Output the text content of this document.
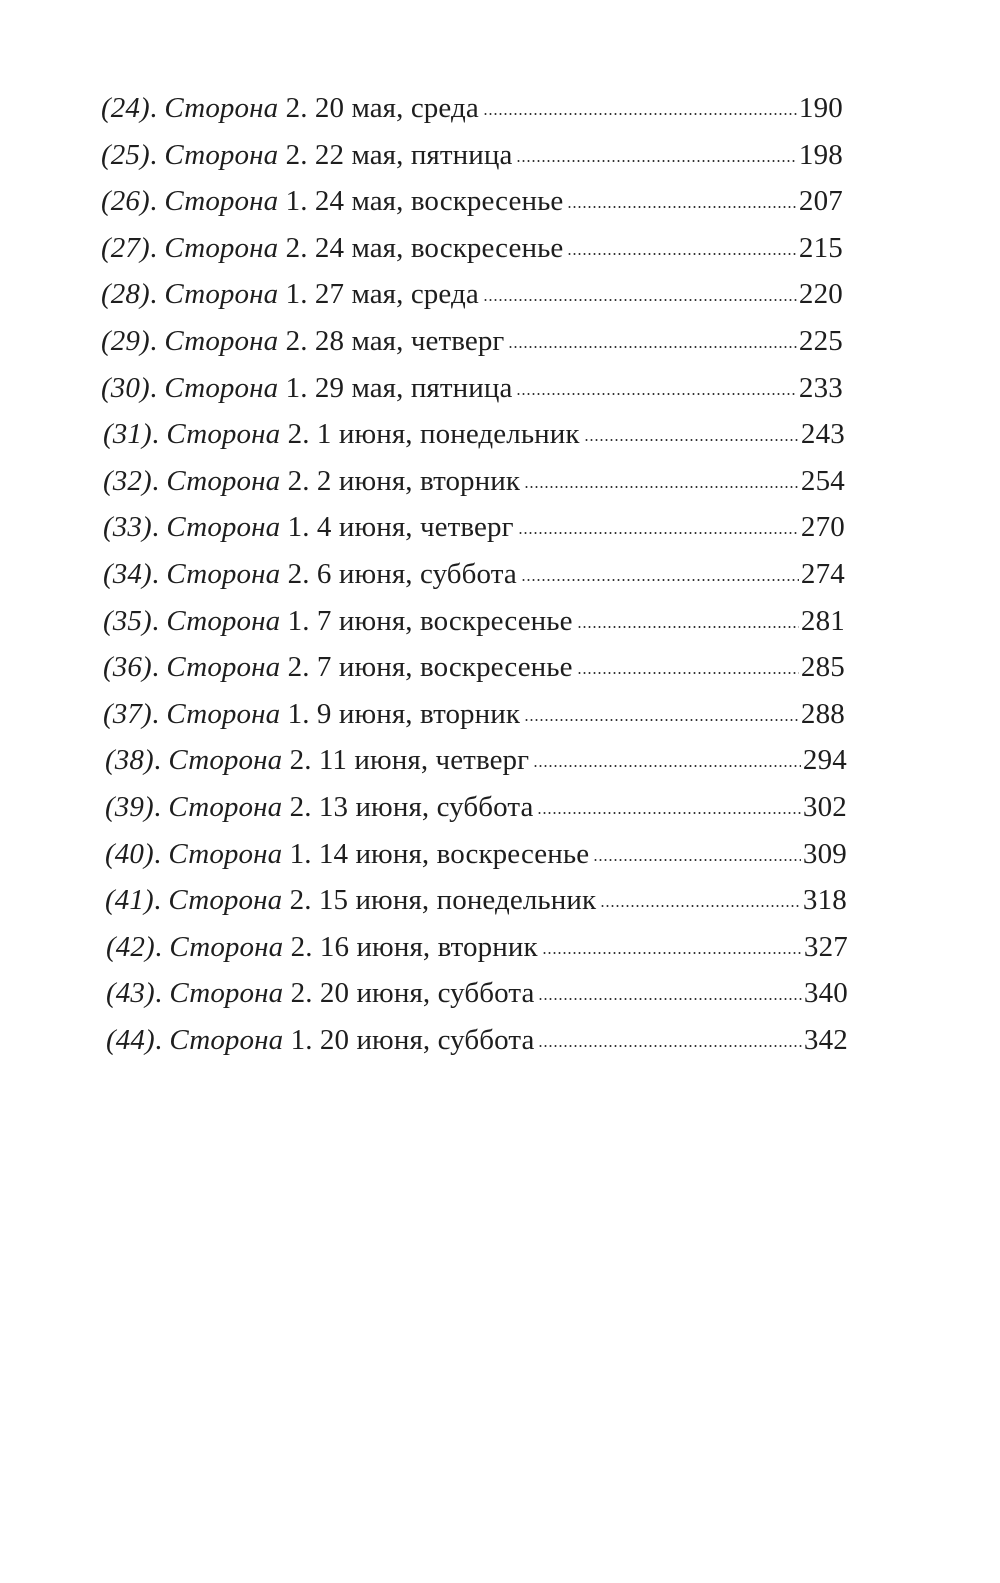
(24) . Сторона
2 . 20 мая , среда	190
(25) . Сторона
2 . 22 мая , пятница	198
(26) . Сторона
1 . 24 мая , воскресенье	207
(27) . Сторона
2 . 24 мая , воскресенье	215
(28) . Сторона
1 . 27 мая , среда	220
(29) . Сторона
2 . 28 мая , четверг	225
(30) . Сторона
1 . 29 мая , пятница	233
(31) . Сторона
2 . 1 июня , понедельник	243
(32) . Сторона
2 . 2 июня , вторник	254
(33) . Сторона
1 . 4 июня , четверг	270
(34) . Сторона
2 . 6 июня , суббота	274
(35) . Сторона
1 . 7 июня , воскресенье	281
(36) . Сторона
2 . 7 июня , воскресенье	285
(37) . Сторона
1 . 9 июня , вторник	288
(38) . Сторона
2 . 11 июня , четверг	294
(39) . Сторона
2 . 13 июня , суббота	302
(40) . Сторона
1 . 14 июня , воскресенье	309
(41) . Сторона
2 . 15 июня , понедельник	318
(42) . Сторона
2 . 16 июня , вторник	327
(43) . Сторона
2 . 20 июня , суббота	340
(44) . Сторона
1 . 20 июня , суббота	342
